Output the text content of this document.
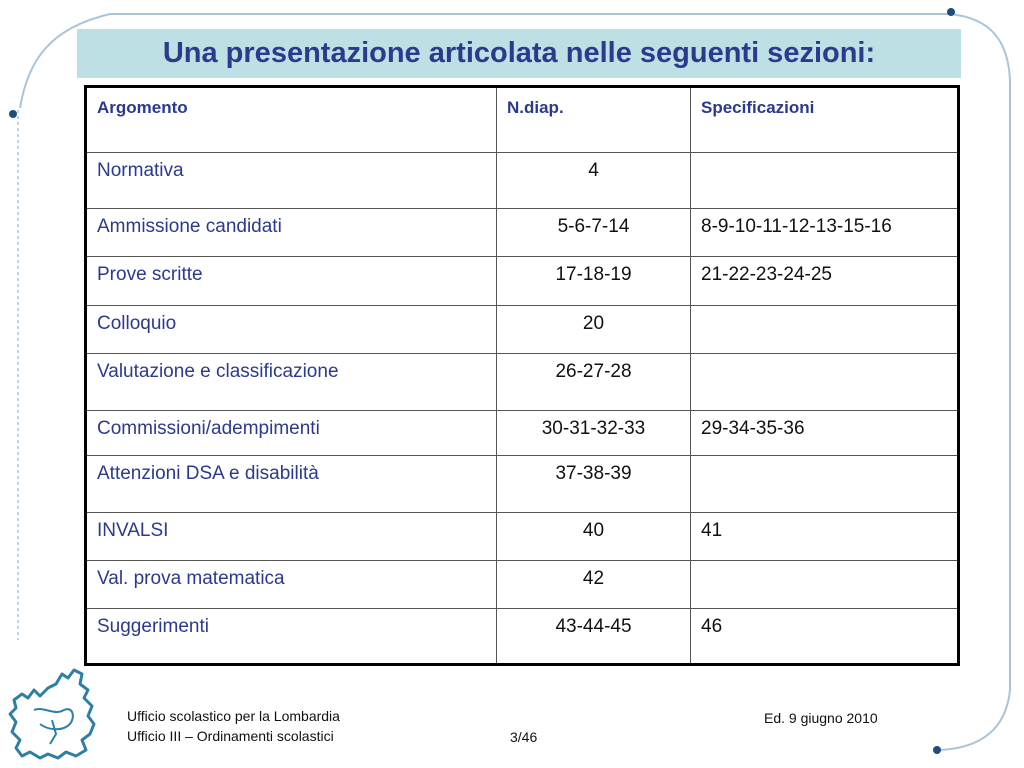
Una presentazione articolata nelle seguenti sezioni:
Argomento	N.diap.	Specificazioni
Normativa	4	
Ammissione candidati	5-6-7-14	8-9-10-11-12-13-15-16
Prove scritte	17-18-19	21-22-23-24-25
Colloquio	20	
Valutazione e classificazione	26-27-28	
Commissioni/adempimenti	30-31-32-33	29-34-35-36
Attenzioni DSA e disabilità	37-38-39	
INVALSI	40	41
Val. prova matematica	42	
Suggerimenti	43-44-45	46
Ufficio scolastico per la Lombardia
Ufficio III – Ordinamenti scolastici	3/46
Ed. 9 giugno 2010
